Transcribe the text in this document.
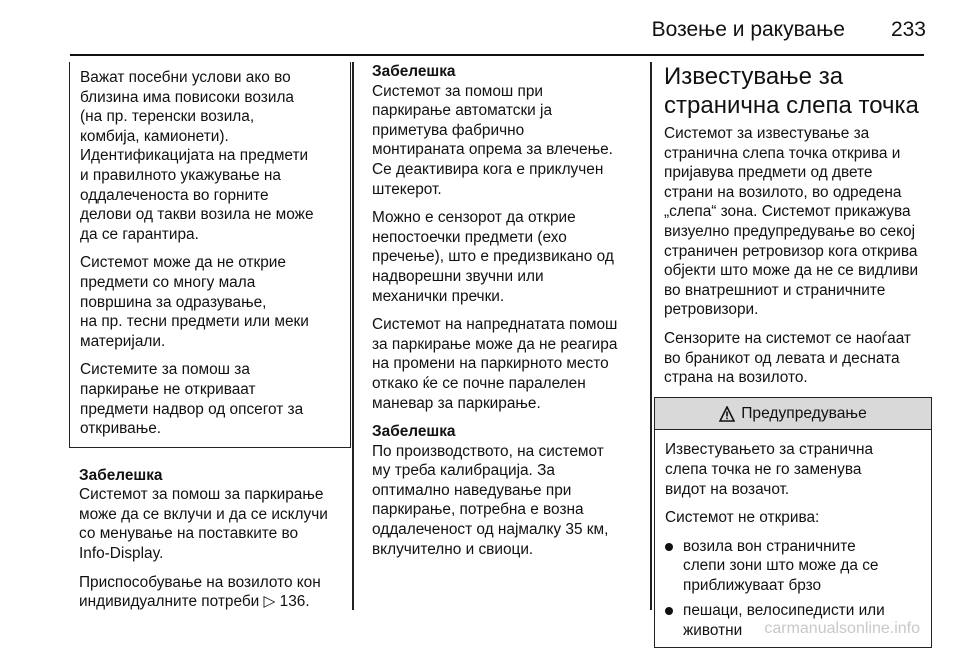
Возење и ракување 233

Важат посебни услови ако во
близина има повисоки возила
(на пр. теренски возила,
комбија, камионети).
Идентификацијата на предмети
и правилното укажување на
оддалеченоста во горните
делови од такви возила не може
да се гарантира.

Системот може да не открие
предмети со многу мала
површина за одразување,
на пр. тесни предмети или меки
материјали.

Системите за помош за
паркирање не откриваат
предмети надвор од опсегот за
откривање.

Забелешка

Системот за помош за паркирање
може да се вклучи и да се исклучи
со менување на поставките во
Info-Display.

Приспособување на возилото кон
индивидуалните потреби ▷ 136.

Забелешка

Системот за помош при
паркирање автоматски ја
приметува фабрично
монтираната опрема за влечење.
Се деактивира кога е приклучен
штекерот.

Можно е сензорот да открие
непостоечки предмети (ехо
пречење), што е предизвикано од
надворешни звучни или
механички пречки.

Системот на напреднатата помош
за паркирање може да не реагира
на промени на паркирното место
откако ќе се почне паралелен
маневар за паркирање.

Забелешка

По производството, на системот
му треба калибрација. За
оптимално наведување при
паркирање, потребна е возна
оддалеченост од најмалку 35 км,
вклучително и свиоци.

Известување за
странична слепа точка

Системот за известување за
странична слепа точка открива и
пријавува предмети од двете
страни на возилото, во одредена
„слепа“ зона. Системот прикажува
визуелно предупредување во секој
страничен ретровизор кога открива
објекти што може да не се видливи
во внатрешниот и страничните
ретровизори.

Сензорите на системот се наоѓаат
во браникот од левата и десната
страна на возилото.

Предупредување

Известувањето за странична
слепа точка не го заменува
видот на возачот.

Системот не открива:

возила вон страничните
слепи зони што може да се
приближуваат брзо
пешаци, велосипедисти или
животни	carmanualsonline.info
